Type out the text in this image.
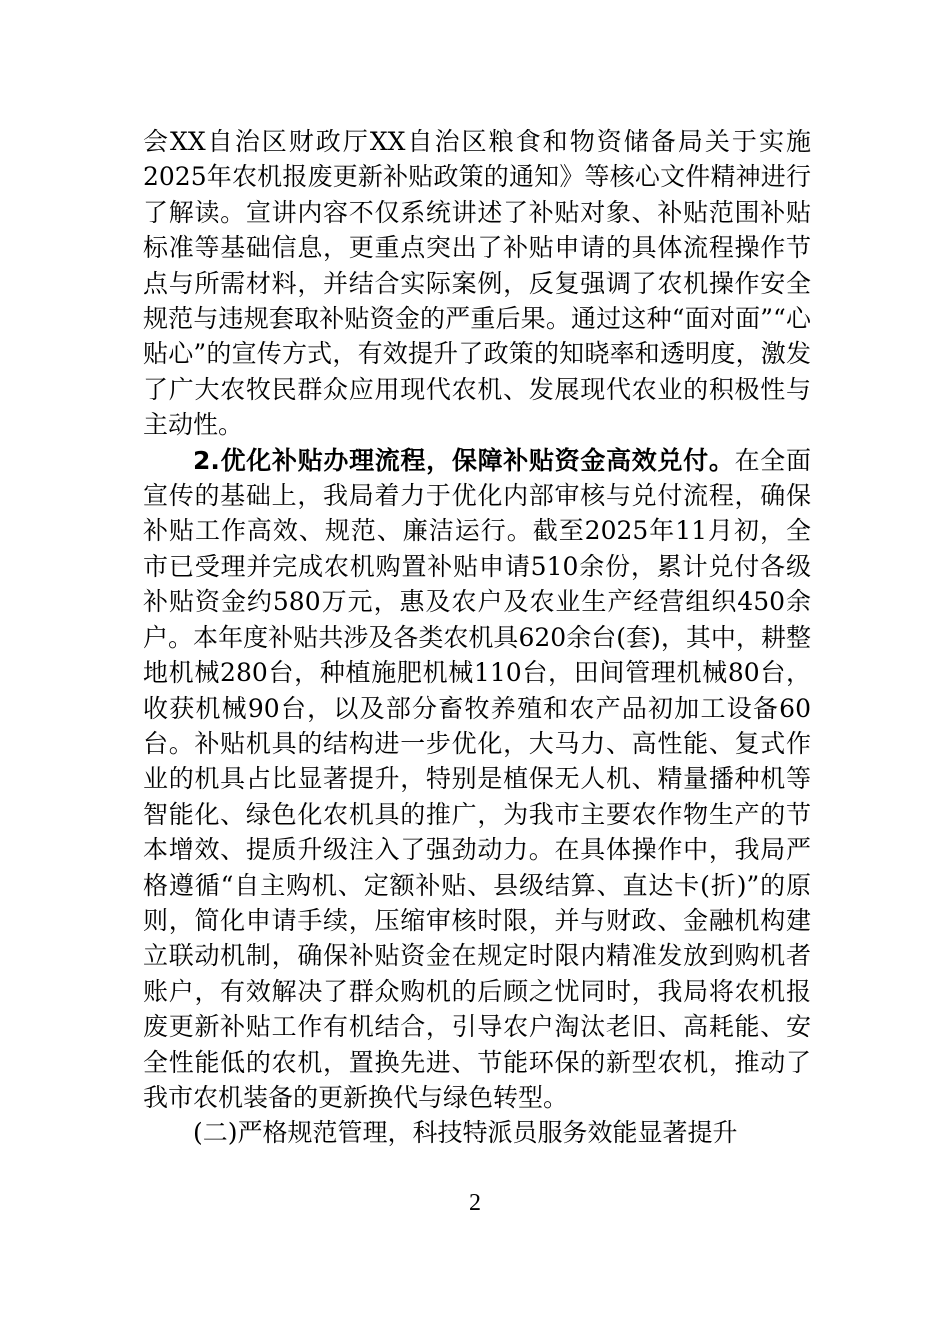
会XX自治区财政厅XX自治区粮食和物资储备局关于实施2025年农机报废更新补贴政策的通知》等核心文件精神进行了解读。宣讲内容不仅系统讲述了补贴对象、补贴范围补贴标准等基础信息，更重点突出了补贴申请的具体流程操作节点与所需材料，并结合实际案例，反复强调了农机操作安全规范与违规套取补贴资金的严重后果。通过这种“面对面”“心贴心”的宣传方式，有效提升了政策的知晓率和透明度，激发了广大农牧民群众应用现代农机、发展现代农业的积极性与主动性。

2.优化补贴办理流程，保障补贴资金高效兑付。在全面宣传的基础上，我局着力于优化内部审核与兑付流程，确保补贴工作高效、规范、廉洁运行。截至2025年11月初，全市已受理并完成农机购置补贴申请510余份，累计兑付各级补贴资金约580万元，惠及农户及农业生产经营组织450余户。本年度补贴共涉及各类农机具620余台(套)，其中，耕整地机械280台，种植施肥机械110台，田间管理机械80台，收获机械90台，以及部分畜牧养殖和农产品初加工设备60台。补贴机具的结构进一步优化，大马力、高性能、复式作业的机具占比显著提升，特别是植保无人机、精量播种机等智能化、绿色化农机具的推广，为我市主要农作物生产的节本增效、提质升级注入了强劲动力。在具体操作中，我局严格遵循“自主购机、定额补贴、县级结算、直达卡(折)”的原则，简化申请手续，压缩审核时限，并与财政、金融机构建立联动机制，确保补贴资金在规定时限内精准发放到购机者账户，有效解决了群众购机的后顾之忧同时，我局将农机报废更新补贴工作有机结合，引导农户淘汰老旧、高耗能、安全性能低的农机，置换先进、节能环保的新型农机，推动了我市农机装备的更新换代与绿色转型。

(二)严格规范管理，科技特派员服务效能显著提升

2
